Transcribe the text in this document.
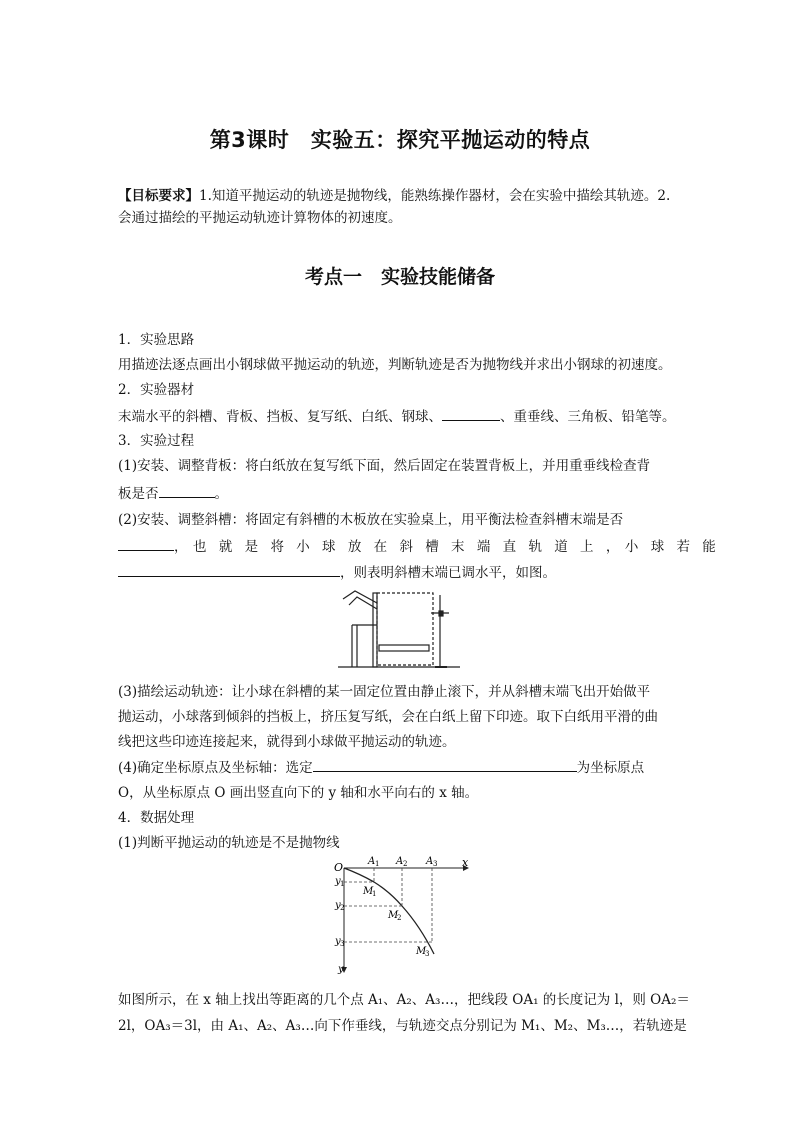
第3课时　实验五：探究平抛运动的特点
【目标要求】1.知道平抛运动的轨迹是抛物线，能熟练操作器材，会在实验中描绘其轨迹。2.
会通过描绘的平抛运动轨迹计算物体的初速度。
考点一　实验技能储备
1．实验思路
用描迹法逐点画出小钢球做平抛运动的轨迹，判断轨迹是否为抛物线并求出小钢球的初速度。
2．实验器材
末端水平的斜槽、背板、挡板、复写纸、白纸、钢球、	、重垂线、三角板、铅笔等。
3．实验过程
(1)安装、调整背板：将白纸放在复写纸下面，然后固定在装置背板上，并用重垂线检查背
板是否	。
(2)安装、调整斜槽：将固定有斜槽的木板放在实验桌上，用平衡法检查斜槽末端是否
，　也　就　是　将　小　球　放　在　斜　槽　末　端　直　轨　道　上　，　小　球　若　能
，则表明斜槽末端已调水平，如图。
(3)描绘运动轨迹：让小球在斜槽的某一固定位置由静止滚下，并从斜槽末端飞出开始做平
抛运动，小球落到倾斜的挡板上，挤压复写纸，会在白纸上留下印迹。取下白纸用平滑的曲
线把这些印迹连接起来，就得到小球做平抛运动的轨迹。
(4)确定坐标原点及坐标轴：选定	为坐标原点
O，从坐标原点 O 画出竖直向下的 y 轴和水平向右的 x 轴。
4．数据处理
(1)判断平抛运动的轨迹是不是抛物线
O	x
y
A 1 A 2 A 3
y 1
y 2
y 3
M
1
M
2
M
3
如图所示，在 x 轴上找出等距离的几个点 A₁、A₂、A₃…，把线段 OA₁ 的长度记为 l，则 OA₂＝
2l，OA₃＝3l，由 A₁、A₂、A₃…向下作垂线，与轨迹交点分别记为 M₁、M₂、M₃…，若轨迹是
